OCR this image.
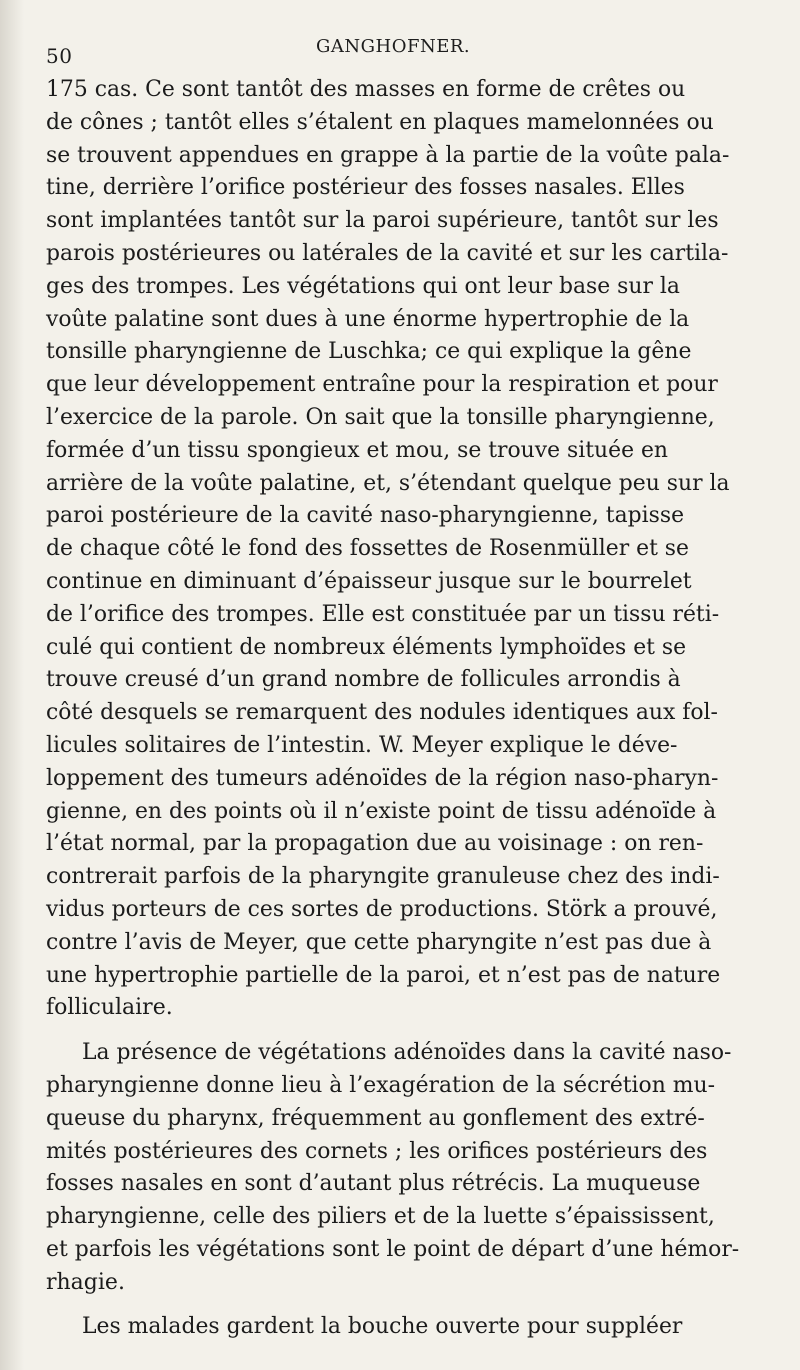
50	GANGHOFNER.
175 cas. Ce sont tantôt des masses en forme de crêtes ou
de cônes ; tantôt elles s’étalent en plaques mamelonnées ou
se trouvent appendues en grappe à la partie de la voûte pala-
tine, derrière l’orifice postérieur des fosses nasales. Elles
sont implantées tantôt sur la paroi supérieure, tantôt sur les
parois postérieures ou latérales de la cavité et sur les cartila-
ges des trompes. Les végétations qui ont leur base sur la
voûte palatine sont dues à une énorme hypertrophie de la
tonsille pharyngienne de Luschka; ce qui explique la gêne
que leur développement entraîne pour la respiration et pour
l’exercice de la parole. On sait que la tonsille pharyngienne,
formée d’un tissu spongieux et mou, se trouve située en
arrière de la voûte palatine, et, s’étendant quelque peu sur la
paroi postérieure de la cavité naso-pharyngienne, tapisse
de chaque côté le fond des fossettes de Rosenmüller et se
continue en diminuant d’épaisseur jusque sur le bourrelet
de l’orifice des trompes. Elle est constituée par un tissu réti-
culé qui contient de nombreux éléments lymphoïdes et se
trouve creusé d’un grand nombre de follicules arrondis à
côté desquels se remarquent des nodules identiques aux fol-
licules solitaires de l’intestin. W. Meyer explique le déve-
loppement des tumeurs adénoïdes de la région naso-pharyn-
gienne, en des points où il n’existe point de tissu adénoïde à
l’état normal, par la propagation due au voisinage : on ren-
contrerait parfois de la pharyngite granuleuse chez des indi-
vidus porteurs de ces sortes de productions. Störk a prouvé,
contre l’avis de Meyer, que cette pharyngite n’est pas due à
une hypertrophie partielle de la paroi, et n’est pas de nature
folliculaire.
La présence de végétations adénoïdes dans la cavité naso-
pharyngienne donne lieu à l’exagération de la sécrétion mu-
queuse du pharynx, fréquemment au gonflement des extré-
mités postérieures des cornets ; les orifices postérieurs des
fosses nasales en sont d’autant plus rétrécis. La muqueuse
pharyngienne, celle des piliers et de la luette s’épaississent,
et parfois les végétations sont le point de départ d’une hémor-
rhagie.
Les malades gardent la bouche ouverte pour suppléer
